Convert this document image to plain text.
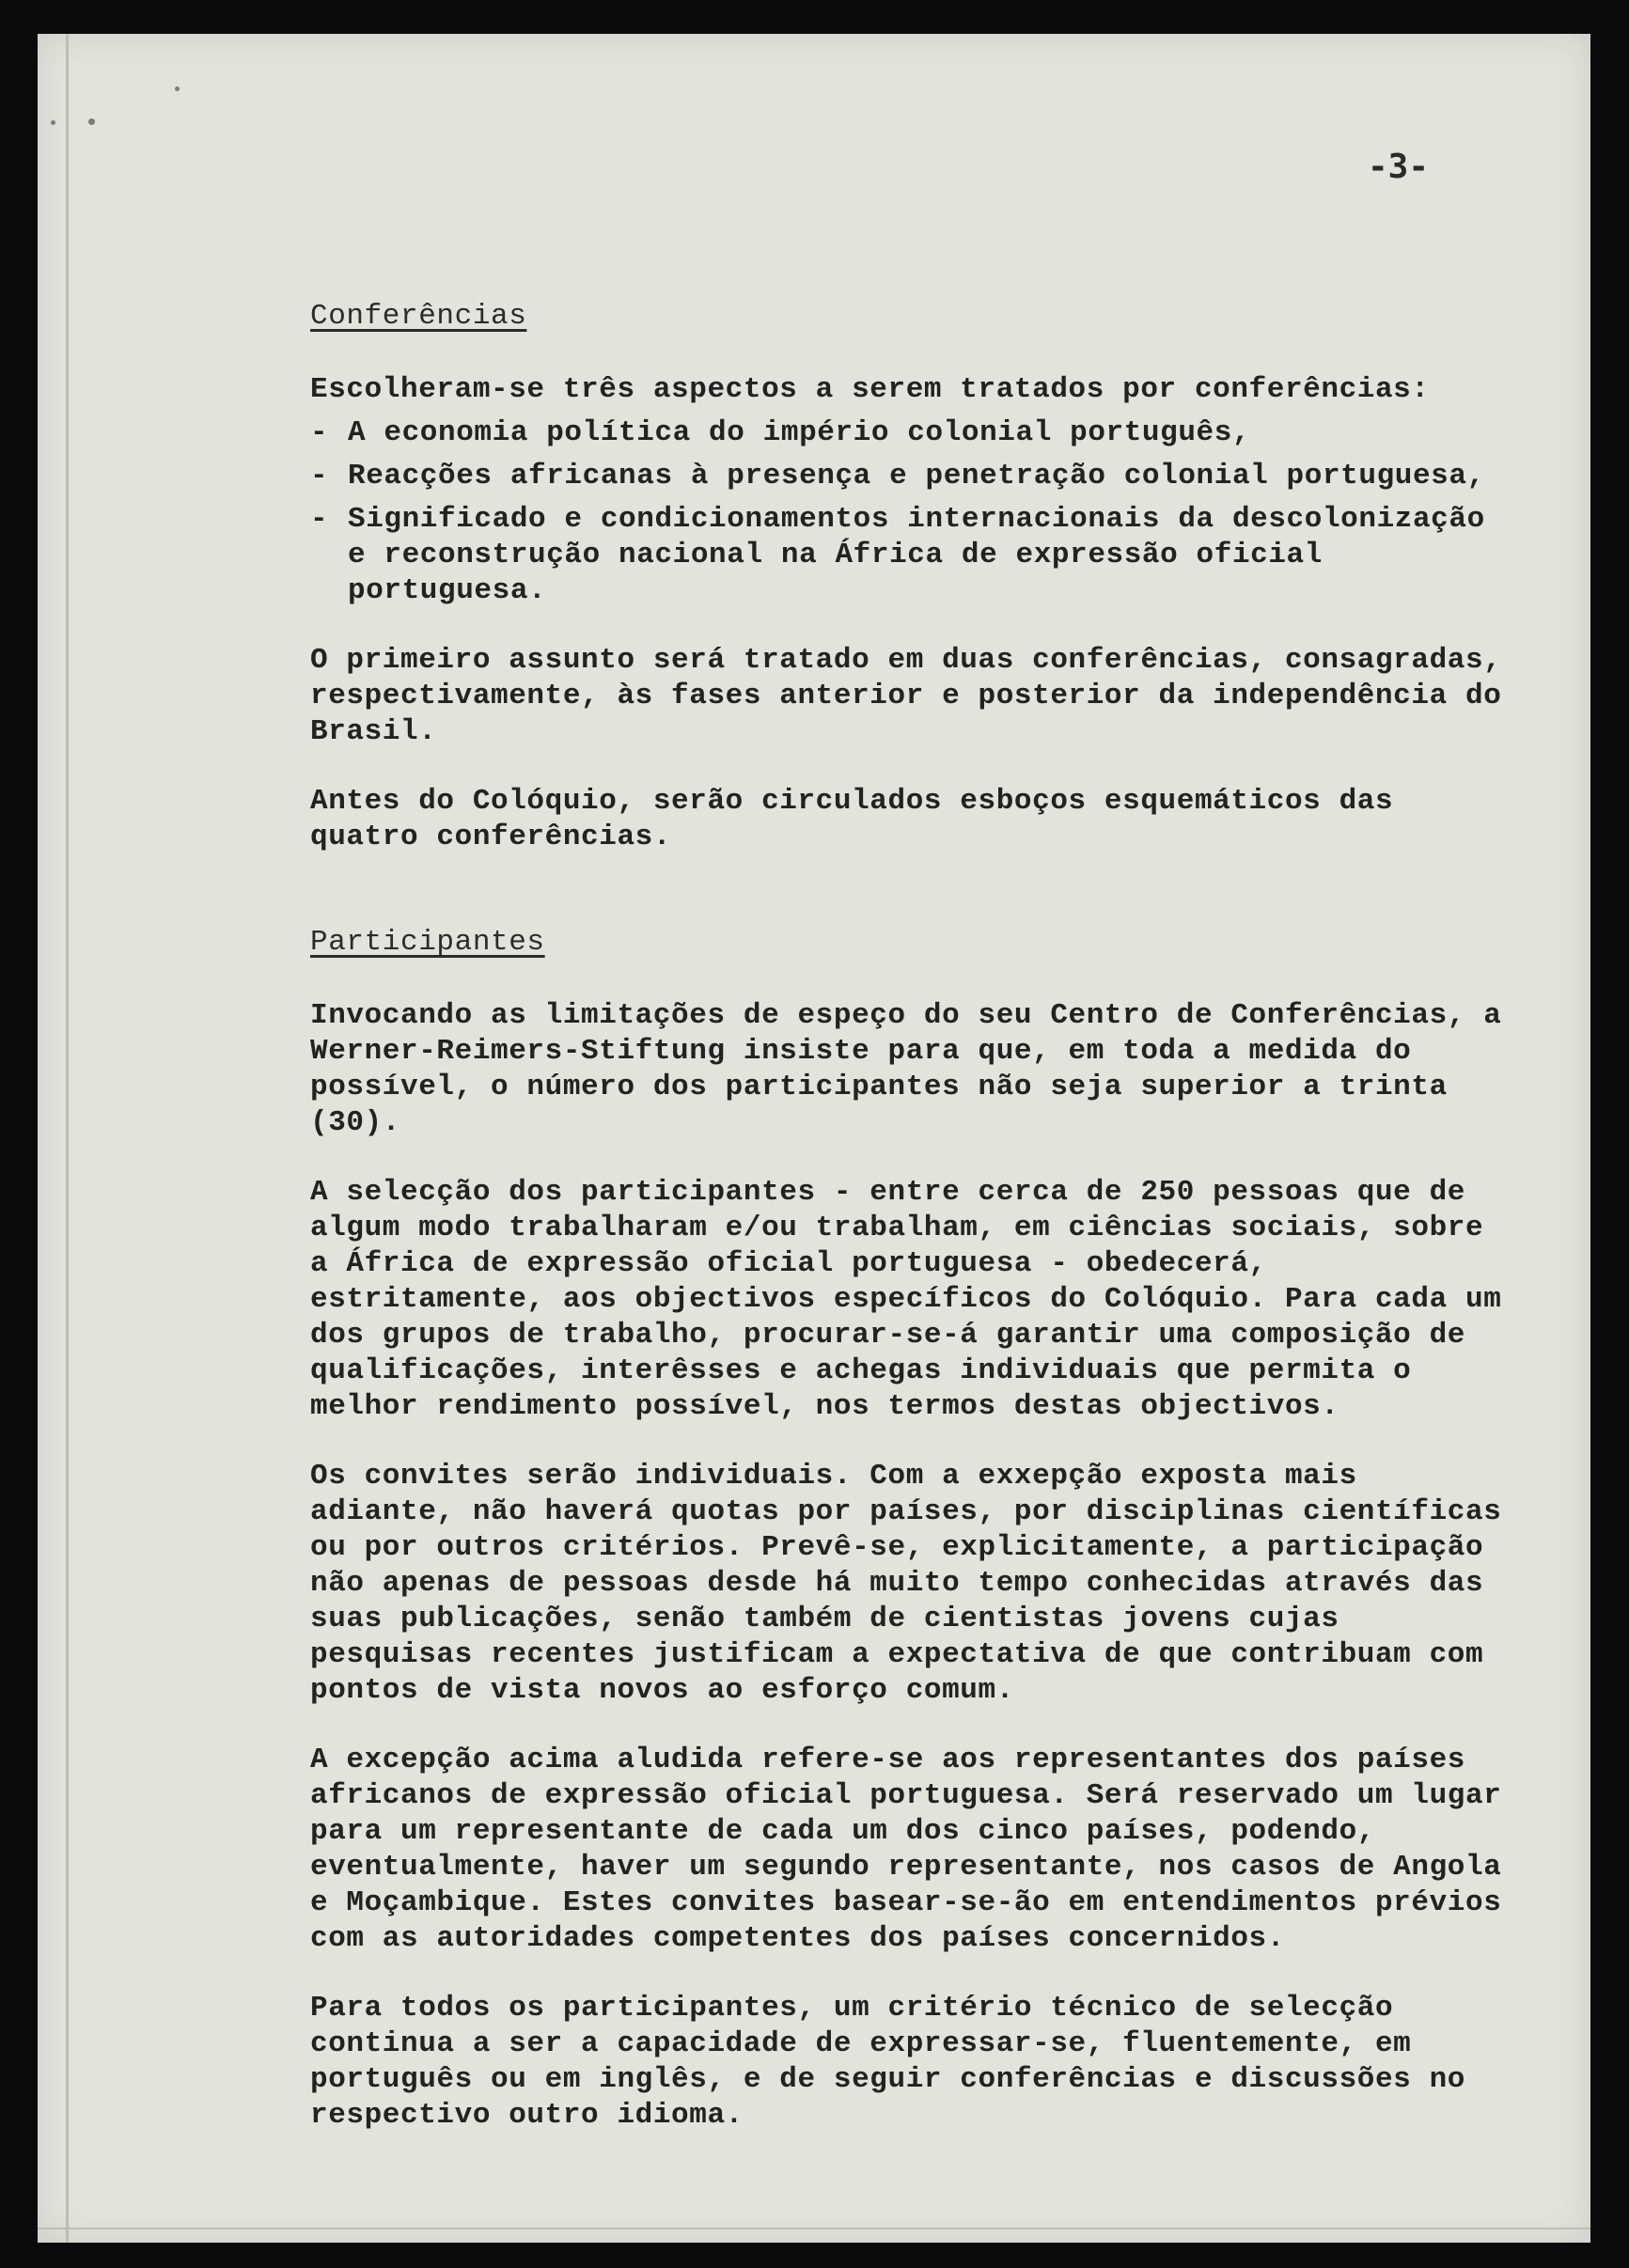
-3-
Conferências

Escolheram-se três aspectos a serem tratados por conferências:

- A economia política do império colonial português,
- Reacções africanas à presença e penetração colonial portuguesa,
- Significado e condicionamentos internacionais da descolonização e reconstrução nacional na África de expressão oficial portuguesa.

O primeiro assunto será tratado em duas conferências, consagradas, respectivamente, às fases anterior e posterior da independência do Brasil.

Antes do Colóquio, serão circulados esboços esquemáticos das quatro conferências.

Participantes

Invocando as limitações de espeço do seu Centro de Conferências, a Werner-Reimers-Stiftung insiste para que, em toda a medida do possível, o número dos participantes não seja superior a trinta (30).

A selecção dos participantes - entre cerca de 250 pessoas que de algum modo trabalharam e/ou trabalham, em ciências sociais, sobre a África de expressão oficial portuguesa - obedecerá, estritamente, aos objectivos específicos do Colóquio. Para cada um dos grupos de trabalho, procurar-se-á garantir uma composição de qualificações, interêsses e achegas individuais que permita o melhor rendimento possível, nos termos destas objectivos.

Os convites serão individuais. Com a exxepção exposta mais adiante, não haverá quotas por países, por disciplinas científicas ou por outros critérios. Prevê-se, explicitamente, a participação não apenas de pessoas desde há muito tempo conhecidas através das suas publicações, senão também de cientistas jovens cujas pesquisas recentes justificam a expectativa de que contribuam com pontos de vista novos ao esforço comum.

A excepção acima aludida refere-se aos representantes dos países africanos de expressão oficial portuguesa. Será reservado um lugar para um representante de cada um dos cinco países, podendo, eventualmente, haver um segundo representante, nos casos de Angola e Moçambique. Estes convites basear-se-ão em entendimentos prévios com as autoridades competentes dos países concernidos.

Para todos os participantes, um critério técnico de selecção continua a ser a capacidade de expressar-se, fluentemente, em português ou em inglês, e de seguir conferências e discussões no respectivo outro idioma.
